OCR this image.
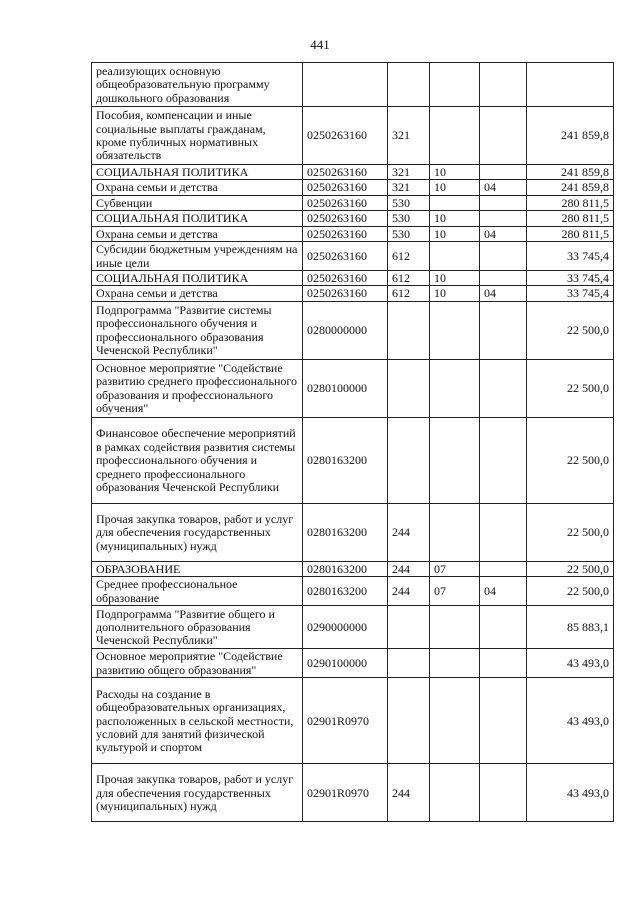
441
реализующих основную общеобразовательную программу дошкольного образования					
Пособия, компенсации и иные социальные выплаты гражданам, кроме публичных нормативных обязательств	0250263160	321			241 859,8
СОЦИАЛЬНАЯ ПОЛИТИКА	0250263160	321	10		241 859,8
Охрана семьи и детства	0250263160	321	10	04	241 859,8
Субвенции	0250263160	530			280 811,5
СОЦИАЛЬНАЯ ПОЛИТИКА	0250263160	530	10		280 811,5
Охрана семьи и детства	0250263160	530	10	04	280 811,5
Субсидии бюджетным учреждениям на иные цели	0250263160	612			33 745,4
СОЦИАЛЬНАЯ ПОЛИТИКА	0250263160	612	10		33 745,4
Охрана семьи и детства	0250263160	612	10	04	33 745,4
Подпрограмма "Развитие системы профессионального обучения и профессионального образования Чеченской Республики"	0280000000				22 500,0
Основное мероприятие "Содействие развитию среднего профессионального образования и профессионального обучения"	0280100000				22 500,0
Финансовое обеспечение мероприятий в рамках содействия развития системы профессионального обучения и среднего профессионального образования Чеченской Республики	0280163200				22 500,0
Прочая закупка товаров, работ и услуг для обеспечения государственных (муниципальных) нужд	0280163200	244			22 500,0
ОБРАЗОВАНИЕ	0280163200	244	07		22 500,0
Среднее профессиональное образование	0280163200	244	07	04	22 500,0
Подпрограмма "Развитие общего и дополнительного образования Чеченской Республики"	0290000000				85 883,1
Основное мероприятие "Содействие развитию общего образования"	0290100000				43 493,0
Расходы на создание в общеобразовательных организациях, расположенных в сельской местности, условий для занятий физической культурой и спортом	02901R0970				43 493,0
Прочая закупка товаров, работ и услуг для обеспечения государственных (муниципальных) нужд	02901R0970	244			43 493,0
